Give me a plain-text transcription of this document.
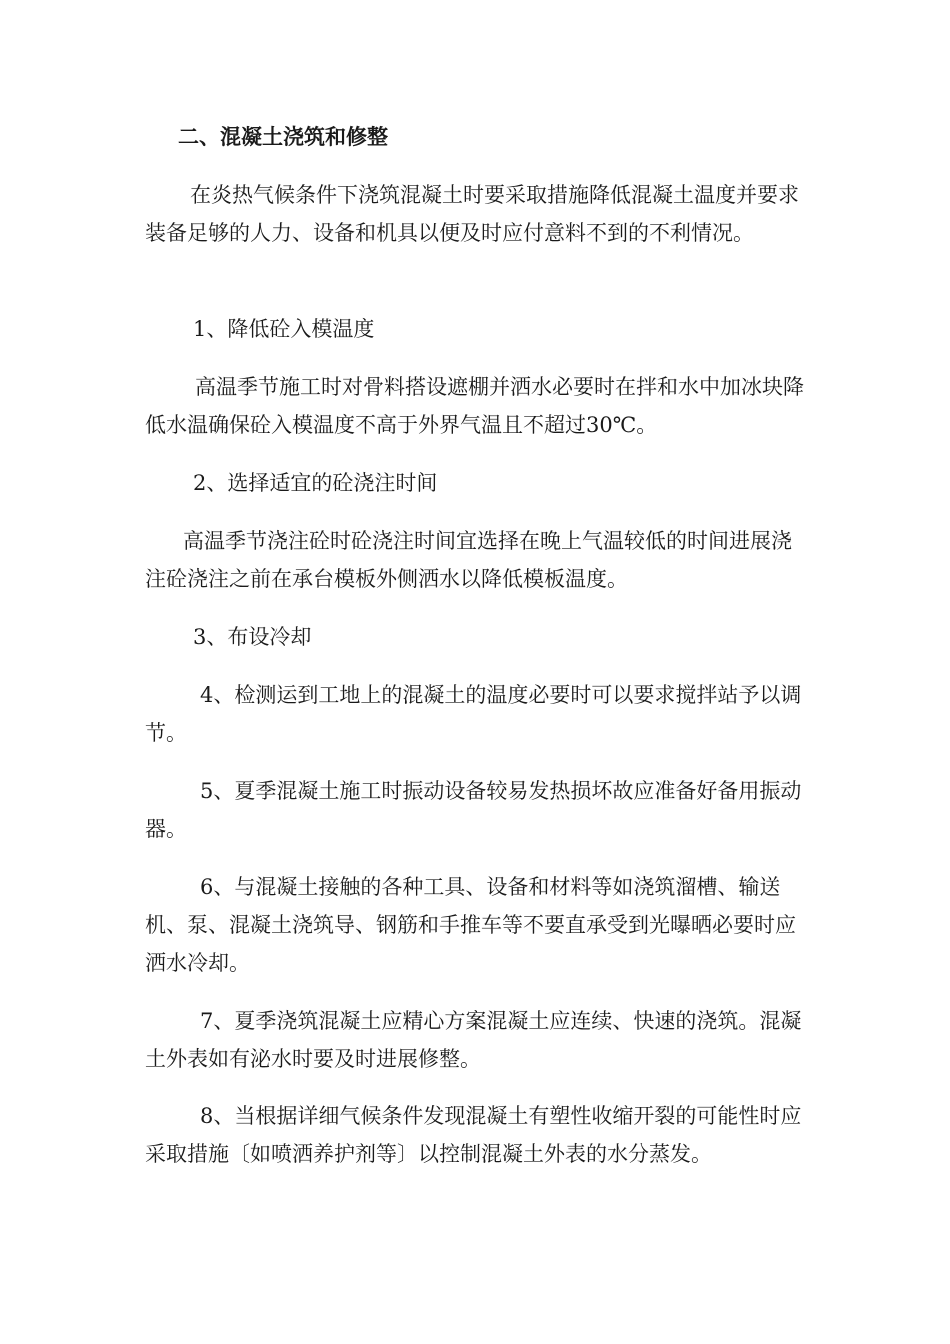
二、混凝土浇筑和修整

在炎热气候条件下浇筑混凝土时要采取措施降低混凝土温度并要求装备足够的人力、设备和机具以便及时应付意料不到的不利情况。

1、降低砼入模温度

高温季节施工时对骨料搭设遮棚并洒水必要时在拌和水中加冰块降低水温确保砼入模温度不高于外界气温且不超过30℃。

2、选择适宜的砼浇注时间

高温季节浇注砼时砼浇注时间宜选择在晚上气温较低的时间进展浇注砼浇注之前在承台模板外侧洒水以降低模板温度。

3、布设冷却

4、检测运到工地上的混凝土的温度必要时可以要求搅拌站予以调节。

5、夏季混凝土施工时振动设备较易发热损坏故应准备好备用振动器。

6、与混凝土接触的各种工具、设备和材料等如浇筑溜槽、输送机、泵、混凝土浇筑导、钢筋和手推车等不要直承受到光曝晒必要时应洒水冷却。

7、夏季浇筑混凝土应精心方案混凝土应连续、快速的浇筑。混凝土外表如有泌水时要及时进展修整。

8、当根据详细气候条件发现混凝土有塑性收缩开裂的可能性时应采取措施〔如喷洒养护剂等〕以控制混凝土外表的水分蒸发。
